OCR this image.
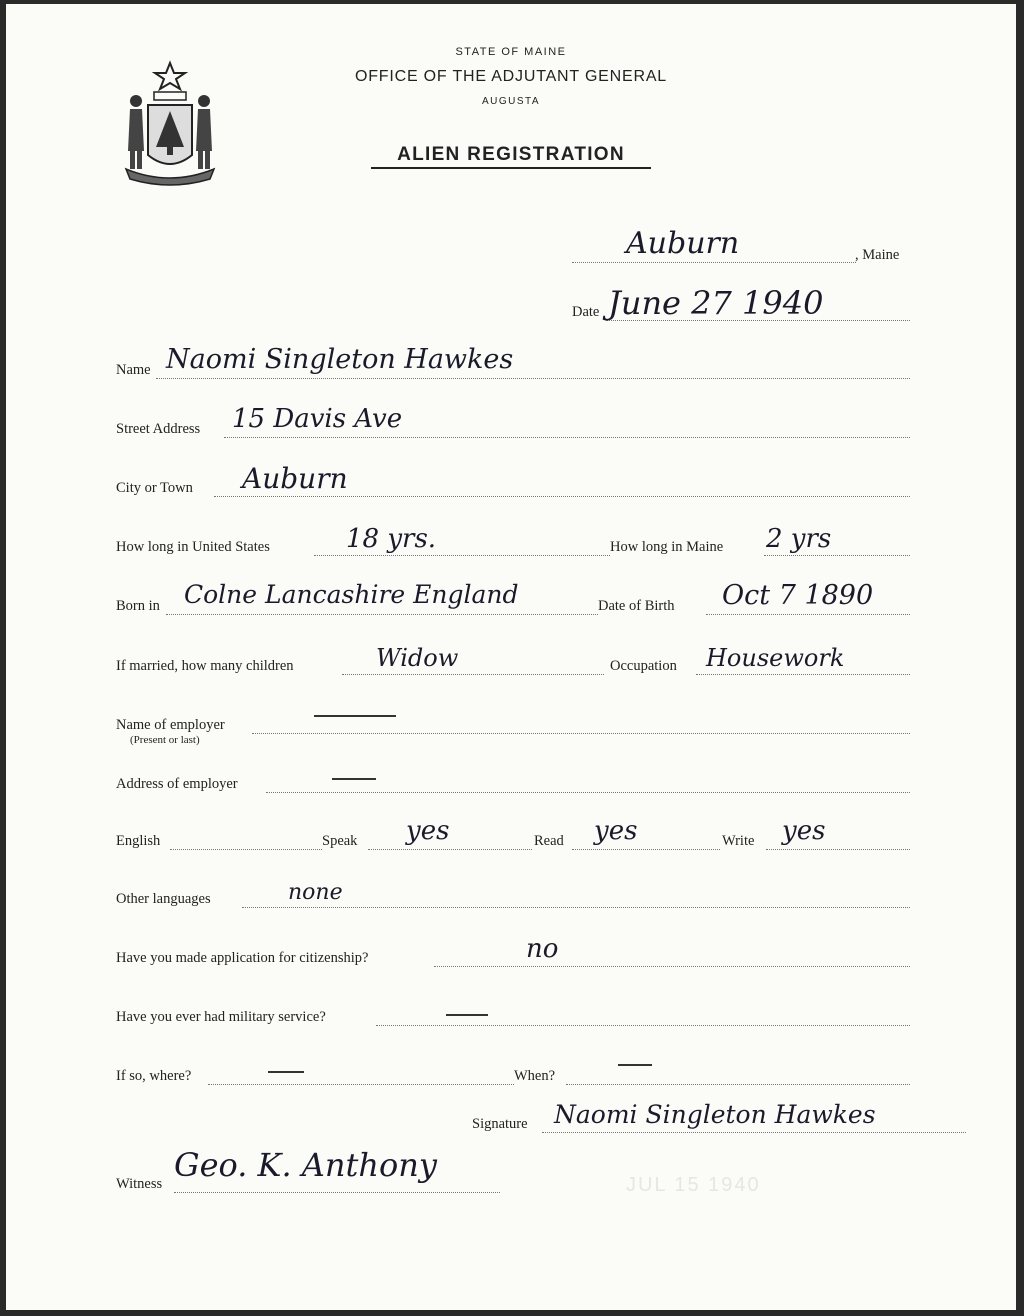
STATE OF MAINE
OFFICE OF THE ADJUTANT GENERAL
AUGUSTA
ALIEN REGISTRATION
Auburn	, Maine
Date June 27 1940
Name Naomi Singleton Hawkes
Street Address 15 Davis Ave
City or Town Auburn
How long in United States	18 yrs.	How long in Maine 2 yrs
Born in Colne Lancashire England	Date of Birth Oct 7 1890
If married, how many children	Widow	Occupation Housework
Name of employer
(Present or last)
Address of employer
English	Speak yes	Read yes	Write yes
Other languages	none
Have you made application for citizenship?	no
Have you ever had military service?
If so, where?	When?
Signature Naomi Singleton Hawkes
Witness Geo. K. Anthony
JUL 15 1940
